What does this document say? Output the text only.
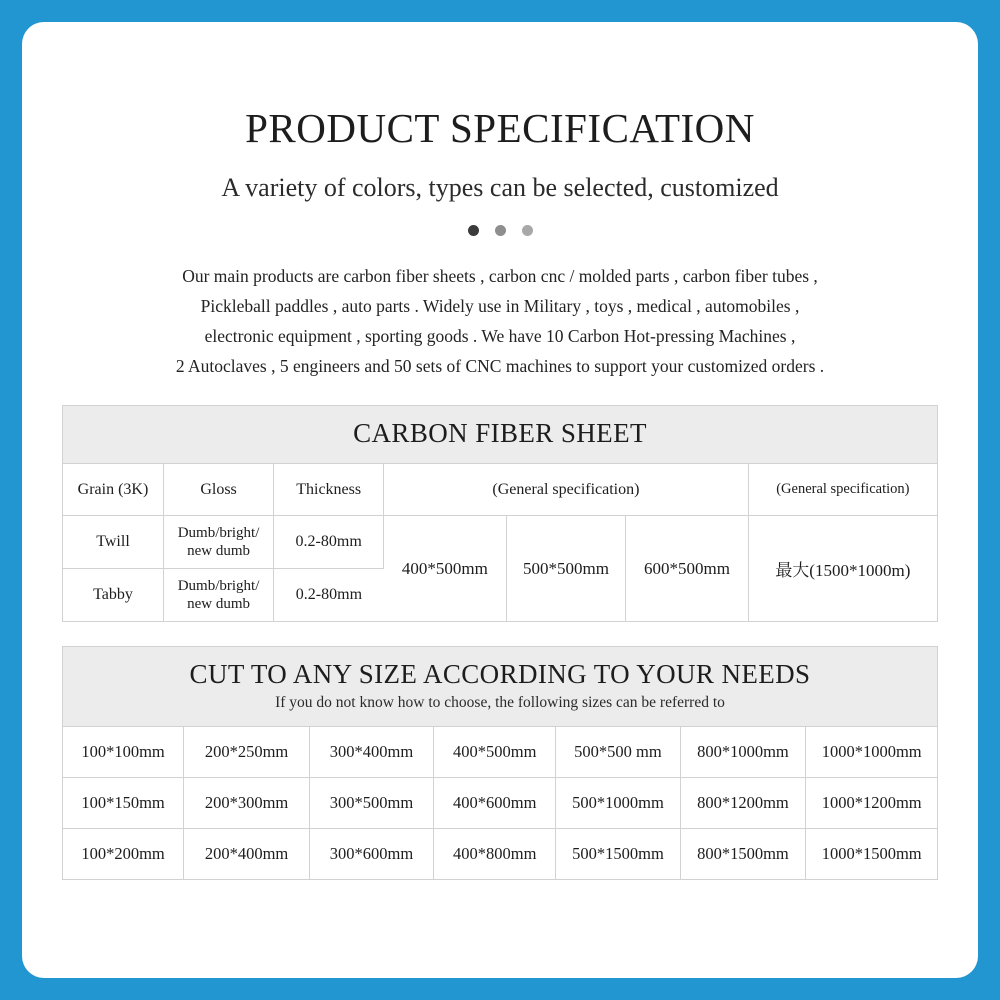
PRODUCT SPECIFICATION
A variety of colors, types can be selected, customized

Our main products are carbon fiber sheets , carbon cnc / molded parts , carbon fiber tubes ,
Pickleball paddles , auto parts . Widely use in Military , toys , medical , automobiles ,
electronic equipment , sporting goods . We have 10 Carbon Hot-pressing Machines ,
2 Autoclaves , 5 engineers and 50 sets of CNC machines to support your customized orders .
CARBON FIBER SHEET
Grain (3K)	Gloss	Thickness	(General specification)			(General specification)
Twill	Dumb/bright/ new dumb	0.2-80mm	400*500mm	500*500mm	600*500mm	最大(1500*1000m)
Tabby	Dumb/bright/ new dumb	0.2-80mm				
CUT TO ANY SIZE ACCORDING TO YOUR NEEDS
If you do not know how to choose, the following sizes can be referred to
100*100mm	200*250mm	300*400mm	400*500mm	500*500 mm	800*1000mm	1000*1000mm
100*150mm	200*300mm	300*500mm	400*600mm	500*1000mm	800*1200mm	1000*1200mm
100*200mm	200*400mm	300*600mm	400*800mm	500*1500mm	800*1500mm	1000*1500mm
